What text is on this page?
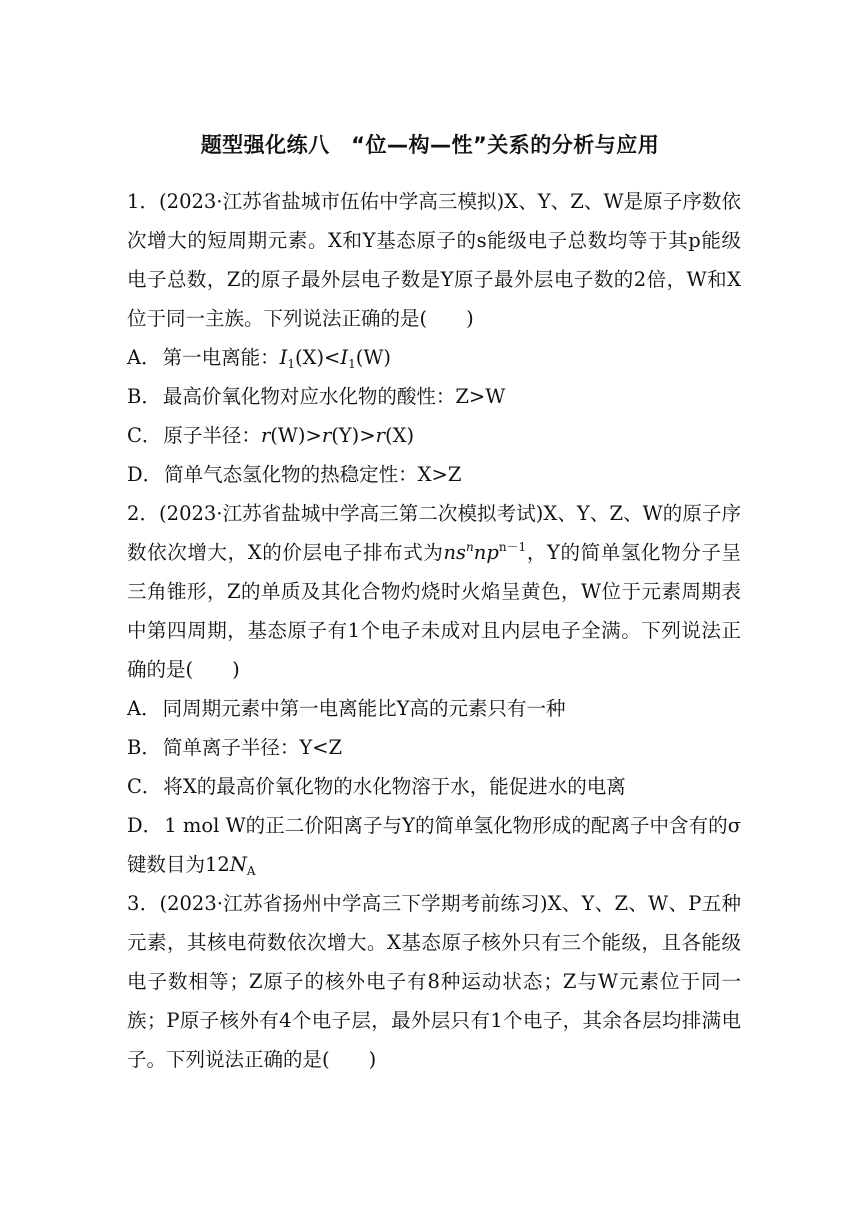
题型强化练八　“位—构—性”关系的分析与应用
1．(2023·江苏省盐城市伍佑中学高三模拟)X、Y、Z、W是原子序数依次增大的短周期元素。X和Y基态原子的s能级电子总数均等于其p能级电子总数，Z的原子最外层电子数是Y原子最外层电子数的2倍，W和X位于同一主族。下列说法正确的是(　　)
A． 第一电离能：$I_1(X)<I_1(W)$
B． 最高价氧化物对应水化物的酸性：Z>W
C． 原子半径：r(W)>r(Y)>r(X)
D． 简单气态氢化物的热稳定性：X>Z
2．(2023·江苏省盐城中学高三第二次模拟考试)X、Y、Z、W的原子序数依次增大，X的价层电子排布式为$ns^nnp^{n-1}$，Y的简单氢化物分子呈三角锥形，Z的单质及其化合物灼烧时火焰呈黄色，W位于元素周期表中第四周期，基态原子有1个电子未成对且内层电子全满。下列说法正确的是(　　)
A． 同周期元素中第一电离能比Y高的元素只有一种
B． 简单离子半径：Y<Z
C． 将X的最高价氧化物的水化物溶于水，能促进水的电离
D． 1 mol W的正二价阳离子与Y的简单氢化物形成的配离子中含有的σ键数目为$12N_A$
3．(2023·江苏省扬州中学高三下学期考前练习)X、Y、Z、W、P五种元素，其核电荷数依次增大。X基态原子核外只有三个能级，且各能级电子数相等；Z原子的核外电子有8种运动状态；Z与W元素位于同一族；P原子核外有4个电子层，最外层只有1个电子，其余各层均排满电子。下列说法正确的是(　　)
